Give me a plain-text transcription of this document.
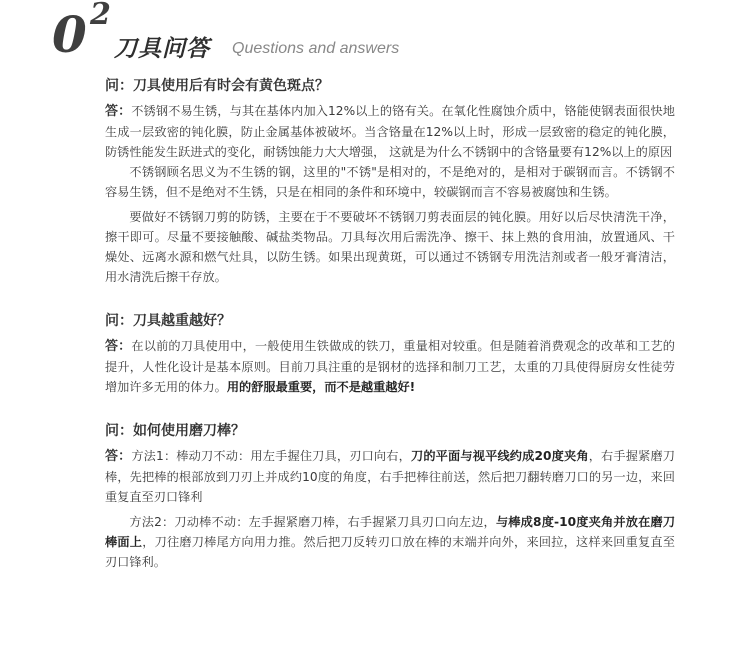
0 2
刀具问答 Questions and answers

问：刀具使用后有时会有黄色斑点？

答：不锈钢不易生锈，与其在基体内加入12%以上的铬有关。在氧化性腐蚀介质中，铬能使钢表面很快地生成一层致密的钝化膜，防止金属基体被破坏。当含铬量在12%以上时，形成一层致密的稳定的钝化膜，防锈性能发生跃进式的变化，耐锈蚀能力大大增强， 这就是为什么不锈钢中的含铬量要有12%以上的原因

不锈钢顾名思义为不生锈的钢，这里的"不锈"是相对的，不是绝对的，是相对于碳钢而言。不锈钢不容易生锈，但不是绝对不生锈，只是在相同的条件和环境中，较碳钢而言不容易被腐蚀和生锈。

要做好不锈钢刀剪的防锈，主要在于不要破坏不锈钢刀剪表面层的钝化膜。用好以后尽快清洗干净，擦干即可。尽量不要接触酸、碱盐类物品。刀具每次用后需洗净、擦干、抹上熟的食用油，放置通风、干燥处、远离水源和燃气灶具，以防生锈。如果出现黄斑，可以通过不锈钢专用洗洁剂或者一般牙膏清洁，用水清洗后擦干存放。

问：刀具越重越好？

答：在以前的刀具使用中，一般使用生铁做成的铁刀，重量相对较重。但是随着消费观念的改革和工艺的提升，人性化设计是基本原则。目前刀具注重的是钢材的选择和制刀工艺，太重的刀具使得厨房女性徒劳增加许多无用的体力。用的舒服最重要，而不是越重越好!

问：如何使用磨刀棒？

答：方法1：棒动刀不动：用左手握住刀具，刃口向右，刀的平面与视平线约成20度夹角，右手握紧磨刀棒，先把棒的根部放到刀刃上并成约10度的角度，右手把棒往前送，然后把刀翻转磨刀口的另一边，来回重复直至刃口锋利

方法2：刀动棒不动：左手握紧磨刀棒，右手握紧刀具刃口向左边，与棒成8度-10度夹角并放在磨刀棒面上，刀往磨刀棒尾方向用力推。然后把刀反转刃口放在棒的末端并向外，来回拉，这样来回重复直至刃口锋利。
